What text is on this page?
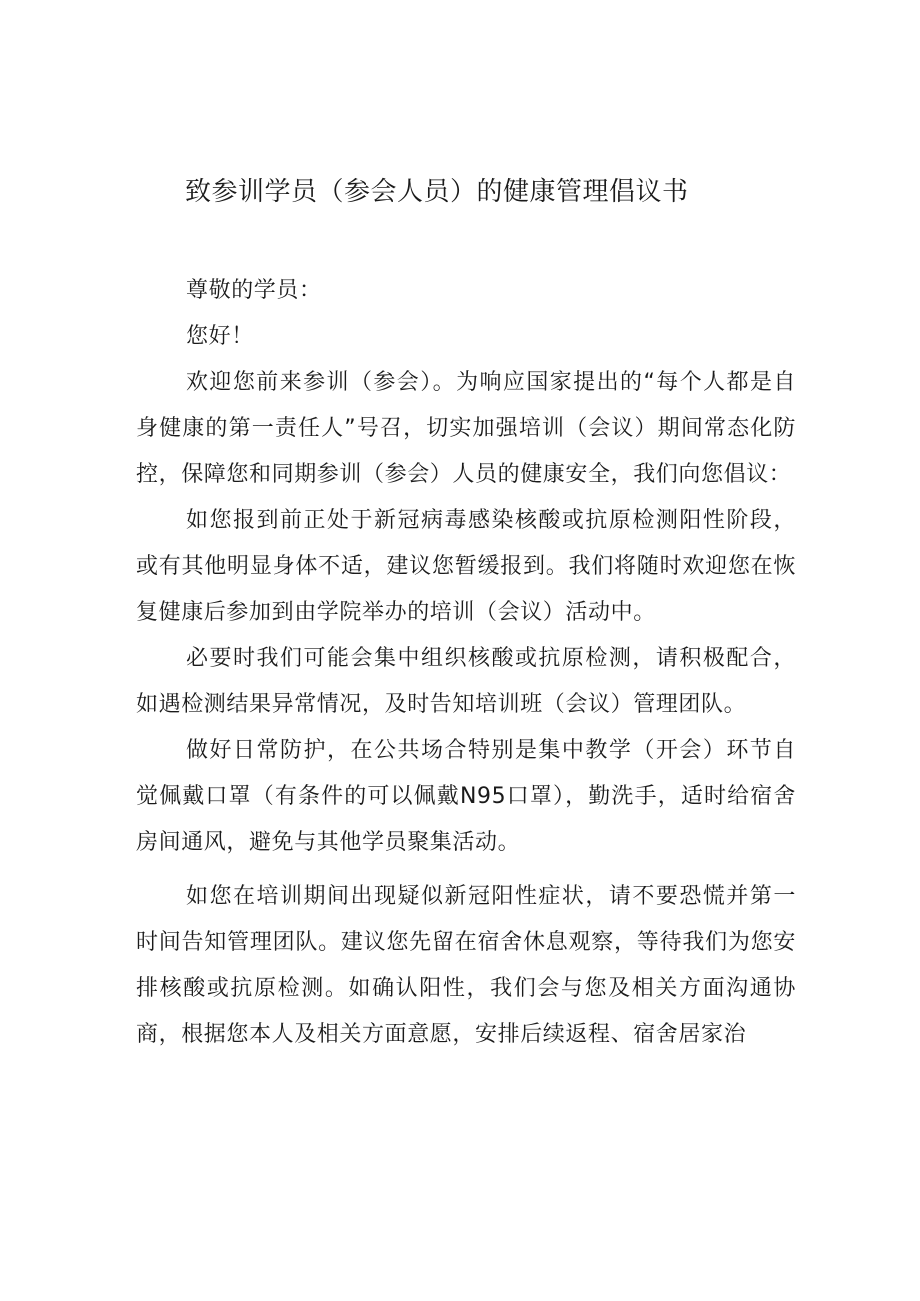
致参训学员（参会人员）的健康管理倡议书

尊敬的学员：

您好！

欢迎您前来参训（参会）。为响应国家提出的“每个人都是自身健康的第一责任人”号召，切实加强培训（会议）期间常态化防控，保障您和同期参训（参会）人员的健康安全，我们向您倡议：

如您报到前正处于新冠病毒感染核酸或抗原检测阳性阶段，或有其他明显身体不适，建议您暂缓报到。我们将随时欢迎您在恢复健康后参加到由学院举办的培训（会议）活动中。

必要时我们可能会集中组织核酸或抗原检测，请积极配合，如遇检测结果异常情况，及时告知培训班（会议）管理团队。

做好日常防护，在公共场合特别是集中教学（开会）环节自觉佩戴口罩（有条件的可以佩戴N95口罩），勤洗手，适时给宿舍房间通风，避免与其他学员聚集活动。

如您在培训期间出现疑似新冠阳性症状，请不要恐慌并第一时间告知管理团队。建议您先留在宿舍休息观察，等待我们为您安排核酸或抗原检测。如确认阳性，我们会与您及相关方面沟通协商，根据您本人及相关方面意愿，安排后续返程、宿舍居家治
